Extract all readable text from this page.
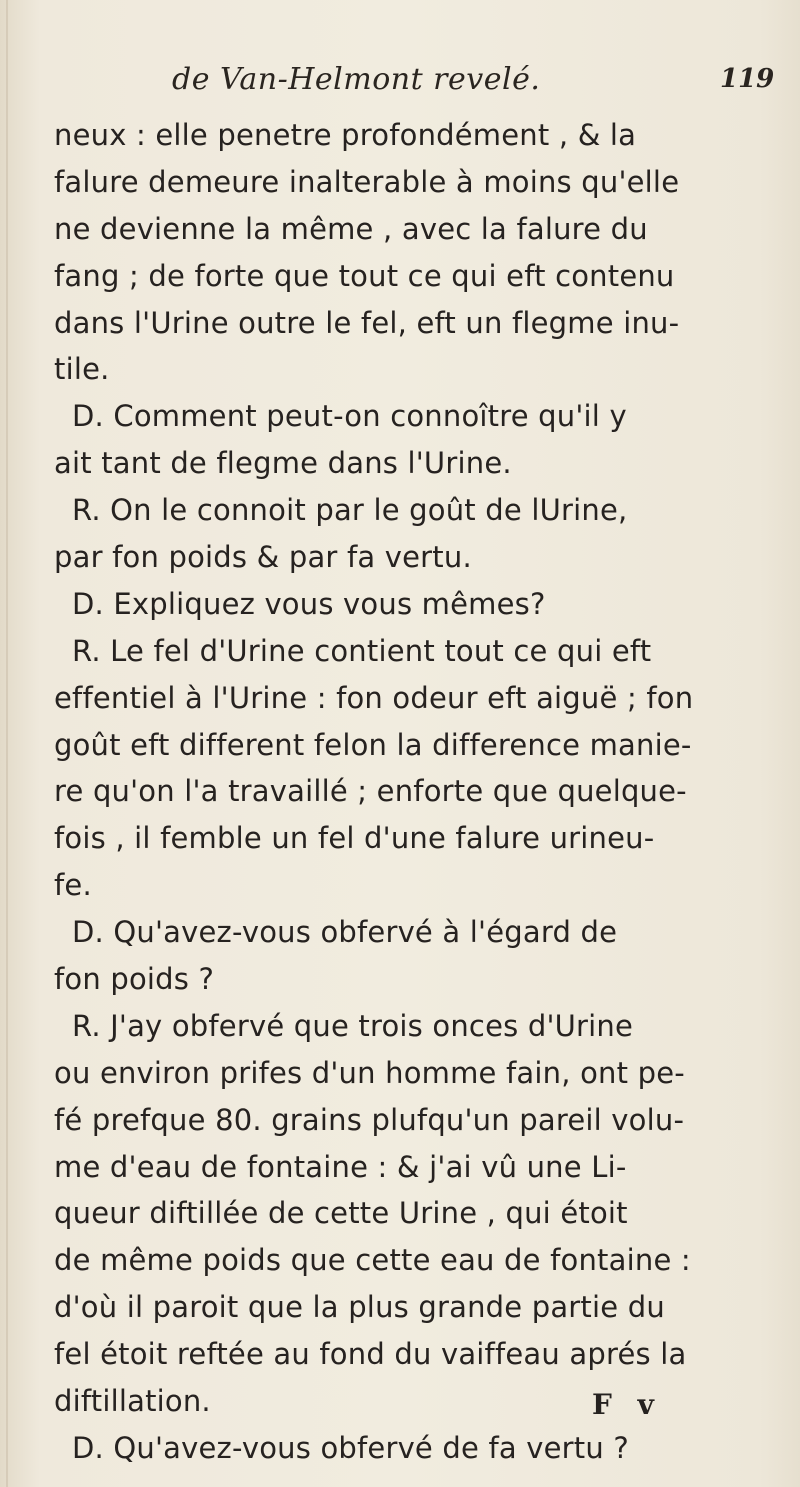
de Van-Helmont revelé.	119
neux : elle penetre profondément , & la
falure demeure inalterable à moins qu'elle
ne devienne la même , avec la falure du
fang ; de forte que tout ce qui eft contenu
dans l'Urine outre le fel, eft un flegme inu-
tile.
D. Comment peut-on connoître qu'il y
ait tant de flegme dans l'Urine.
R. On le connoit par le goût de lUrine,
par fon poids & par fa vertu.
D. Expliquez vous vous mêmes?
R. Le fel d'Urine contient tout ce qui eft
effentiel à l'Urine : fon odeur eft aiguë ; fon
goût eft different felon la difference manie-
re qu'on l'a travaillé ; enforte que quelque-
fois , il femble un fel d'une falure urineu-
fe.
D. Qu'avez-vous obfervé à l'égard de
fon poids ?
R. J'ay obfervé que trois onces d'Urine
ou environ prifes d'un homme fain, ont pe-
fé prefque 80. grains plufqu'un pareil volu-
me d'eau de fontaine : & j'ai vû une Li-
queur diftillée de cette Urine , qui étoit
de même poids que cette eau de fontaine :
d'où il paroit que la plus grande partie du
fel étoit reftée au fond du vaiffeau aprés la
diftillation.
D. Qu'avez-vous obfervé de fa vertu ?
F v
